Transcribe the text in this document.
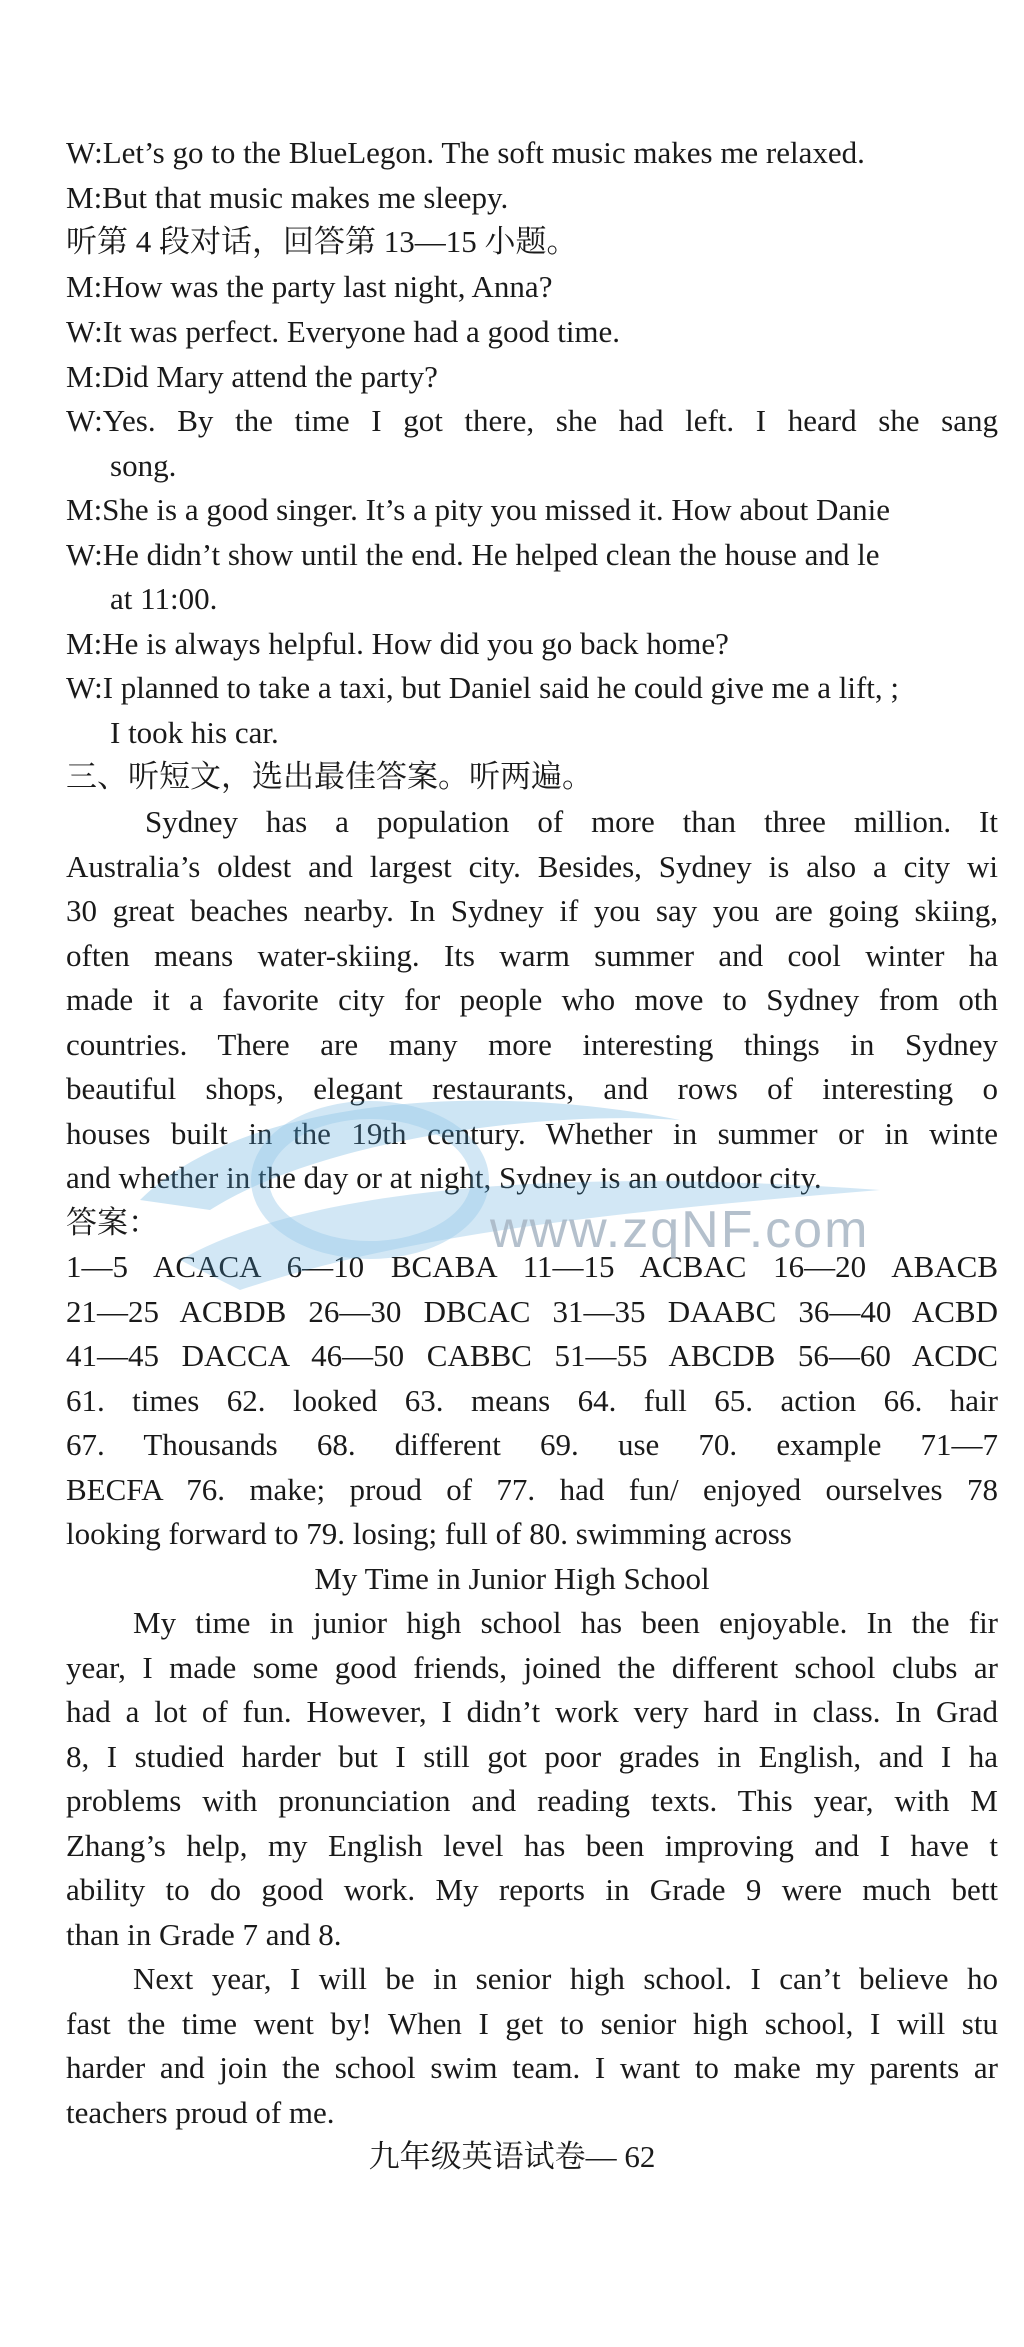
W:Let’s go to the BlueLegon. The soft music makes me relaxed.
M:But that music makes me sleepy.
听第 4 段对话，回答第 13—15 小题。
M:How was the party last night, Anna?
W:It was perfect. Everyone had a good time.
M:Did Mary attend the party?
W:Yes. By the time I got there, she had left. I heard she sang
song.
M:She is a good singer. It’s a pity you missed it. How about Danie
W:He didn’t show until the end. He helped clean the house and le
at 11:00.
M:He is always helpful. How did you go back home?
W:I planned to take a taxi, but Daniel said he could give me a lift, ;
I took his car.
三、听短文，选出最佳答案。听两遍。
Sydney has a population of more than three million. It
Australia’s oldest and largest city. Besides, Sydney is also a city wi
30 great beaches nearby. In Sydney if you say you are going skiing,
often means water-skiing. Its warm summer and cool winter ha
made it a favorite city for people who move to Sydney from oth
countries. There are many more interesting things in Sydney
beautiful shops, elegant restaurants, and rows of interesting o
houses built in the 19th century. Whether in summer or in winte
and whether in the day or at night, Sydney is an outdoor city.
答案：
1—5 ACACA 6—10 BCABA 11—15 ACBAC 16—20 ABACB
21—25 ACBDB 26—30 DBCAC 31—35 DAABC 36—40 ACBD
41—45 DACCA 46—50 CABBC 51—55 ABCDB 56—60 ACDC
61. times 62. looked 63. means 64. full 65. action 66. hair
67. Thousands 68. different 69. use 70. example 71—7
BECFA 76. make; proud of 77. had fun/ enjoyed ourselves 78
looking forward to 79. losing; full of 80. swimming across
My Time in Junior High School
My time in junior high school has been enjoyable. In the fir
year, I made some good friends, joined the different school clubs ar
had a lot of fun. However, I didn’t work very hard in class. In Grad
8, I studied harder but I still got poor grades in English, and I ha
problems with pronunciation and reading texts. This year, with M
Zhang’s help, my English level has been improving and I have t
ability to do good work. My reports in Grade 9 were much bett
than in Grade 7 and 8.
Next year, I will be in senior high school. I can’t believe ho
fast the time went by! When I get to senior high school, I will stu
harder and join the school swim team. I want to make my parents ar
teachers proud of me.
九年级英语试卷— 62
www.zqNF.com
